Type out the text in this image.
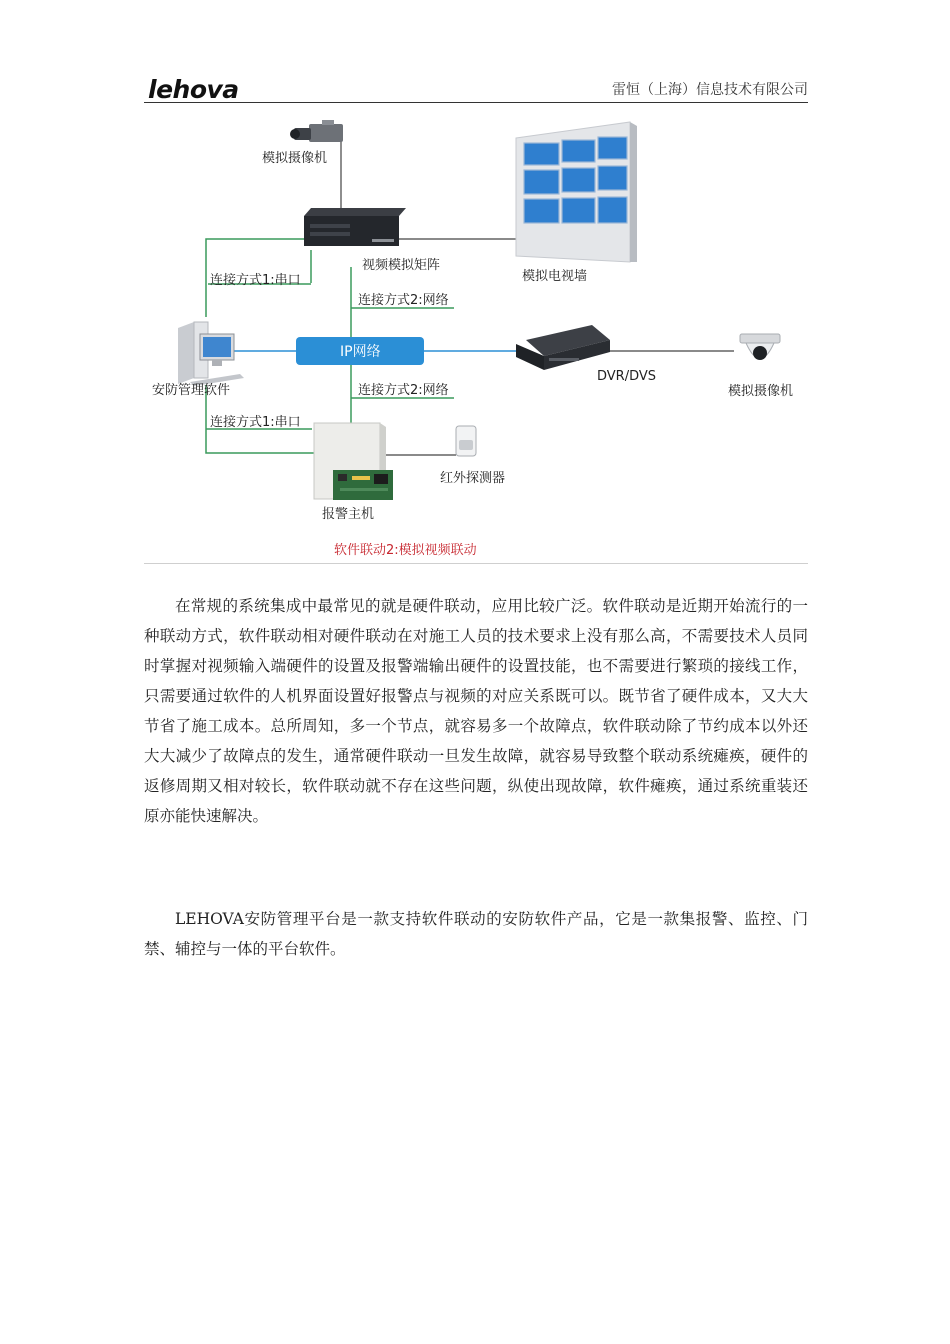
lehova	雷恒（上海）信息技术有限公司
模拟摄像机
视频模拟矩阵
模拟电视墙
连接方式1:串口
连接方式2:网络
安防管理软件
IP网络
DVR/DVS
模拟摄像机
连接方式2:网络
连接方式1:串口
报警主机
红外探测器
软件联动2:模拟视频联动

在常规的系统集成中最常见的就是硬件联动，应用比较广泛。软件联动是近期开始流行的一种联动方式，软件联动相对硬件联动在对施工人员的技术要求上没有那么高，不需要技术人员同时掌握对视频输入端硬件的设置及报警端输出硬件的设置技能，也不需要进行繁琐的接线工作，只需要通过软件的人机界面设置好报警点与视频的对应关系既可以。既节省了硬件成本，又大大节省了施工成本。总所周知，多一个节点，就容易多一个故障点，软件联动除了节约成本以外还大大减少了故障点的发生，通常硬件联动一旦发生故障，就容易导致整个联动系统瘫痪，硬件的返修周期又相对较长，软件联动就不存在这些问题，纵使出现故障，软件瘫痪，通过系统重装还原亦能快速解决。

LEHOVA安防管理平台是一款支持软件联动的安防软件产品，它是一款集报警、监控、门禁、辅控与一体的平台软件。
